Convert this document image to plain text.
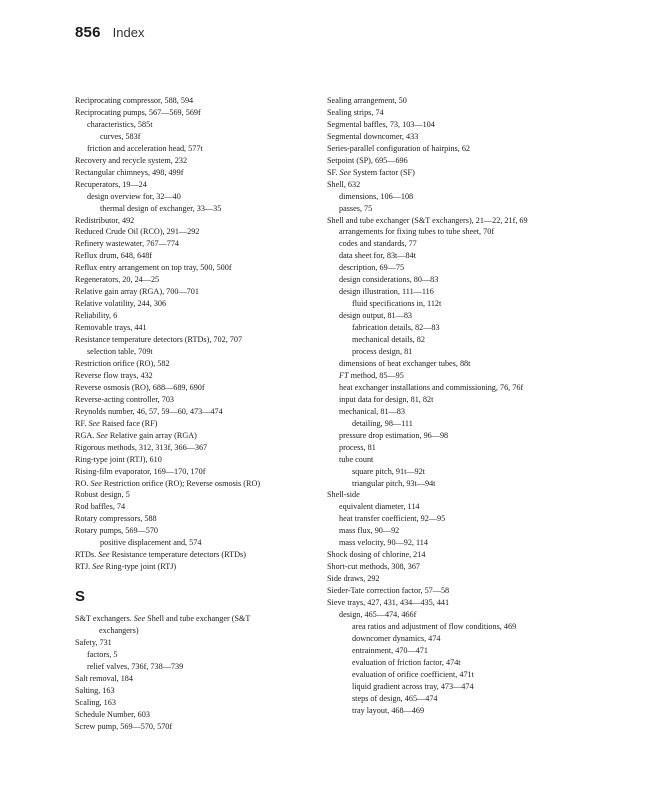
856 Index
Reciprocating compressor, 588, 594
Reciprocating pumps, 567—569, 569f
characteristics, 585t
curves, 583f
friction and acceleration head, 577t
Recovery and recycle system, 232
Rectangular chimneys, 498, 499f
Recuperators, 19—24
design overview for, 32—40
thermal design of exchanger, 33—35
Redistributor, 492
Reduced Crude Oil (RCO), 291—292
Refinery wastewater, 767—774
Reflux drum, 648, 648f
Reflux entry arrangement on top tray, 500, 500f
Regenerators, 20, 24—25
Relative gain array (RGA), 700—701
Relative volatility, 244, 306
Reliability, 6
Removable trays, 441
Resistance temperature detectors (RTDs), 702, 707
selection table, 709t
Restriction orifice (RO), 582
Reverse flow trays, 432
Reverse osmosis (RO), 688—689, 690f
Reverse-acting controller, 703
Reynolds number, 46, 57, 59—60, 473—474
RF. See Raised face (RF)
RGA. See Relative gain array (RGA)
Rigorous methods, 312, 313f, 366—367
Ring-type joint (RTJ), 610
Rising-film evaporator, 169—170, 170f
RO. See Restriction orifice (RO); Reverse osmosis (RO)
Robust design, 5
Rod baffles, 74
Rotary compressors, 588
Rotary pumps, 569—570
positive displacement and, 574
RTDs. See Resistance temperature detectors (RTDs)
RTJ. See Ring-type joint (RTJ)
S
S&T exchangers. See Shell and tube exchanger (S&T
exchangers)
Safety, 731
factors, 5
relief valves, 736f, 738—739
Salt removal, 184
Salting, 163
Scaling, 163
Schedule Number, 603
Screw pump, 569—570, 570f
Sealing arrangement, 50
Sealing strips, 74
Segmental baffles, 73, 103—104
Segmental downcomer, 433
Series-parallel configuration of hairpins, 62
Setpoint (SP), 695—696
SF. See System factor (SF)
Shell, 632
dimensions, 106—108
passes, 75
Shell and tube exchanger (S&T exchangers), 21—22, 21f, 69
arrangements for fixing tubes to tube sheet, 70f
codes and standards, 77
data sheet for, 83t—84t
description, 69—75
design considerations, 80—83
design illustration, 111—116
fluid specifications in, 112t
design output, 81—83
fabrication details, 82—83
mechanical details, 82
process design, 81
dimensions of heat exchanger tubes, 88t
FT method, 85—95
heat exchanger installations and commissioning, 76, 76f
input data for design, 81, 82t
mechanical, 81—83
detailing, 98—111
pressure drop estimation, 96—98
process, 81
tube count
square pitch, 91t—92t
triangular pitch, 93t—94t
Shell-side
equivalent diameter, 114
heat transfer coefficient, 92—95
mass flux, 90—92
mass velocity, 90—92, 114
Shock dosing of chlorine, 214
Short-cut methods, 308, 367
Side draws, 292
Sieder-Tate correction factor, 57—58
Sieve trays, 427, 431, 434—435, 441
design, 465—474, 466f
area ratios and adjustment of flow conditions, 469
downcomer dynamics, 474
entrainment, 470—471
evaluation of friction factor, 474t
evaluation of orifice coefficient, 471t
liquid gradient across tray, 473—474
steps of design, 465—474
tray layout, 468—469
